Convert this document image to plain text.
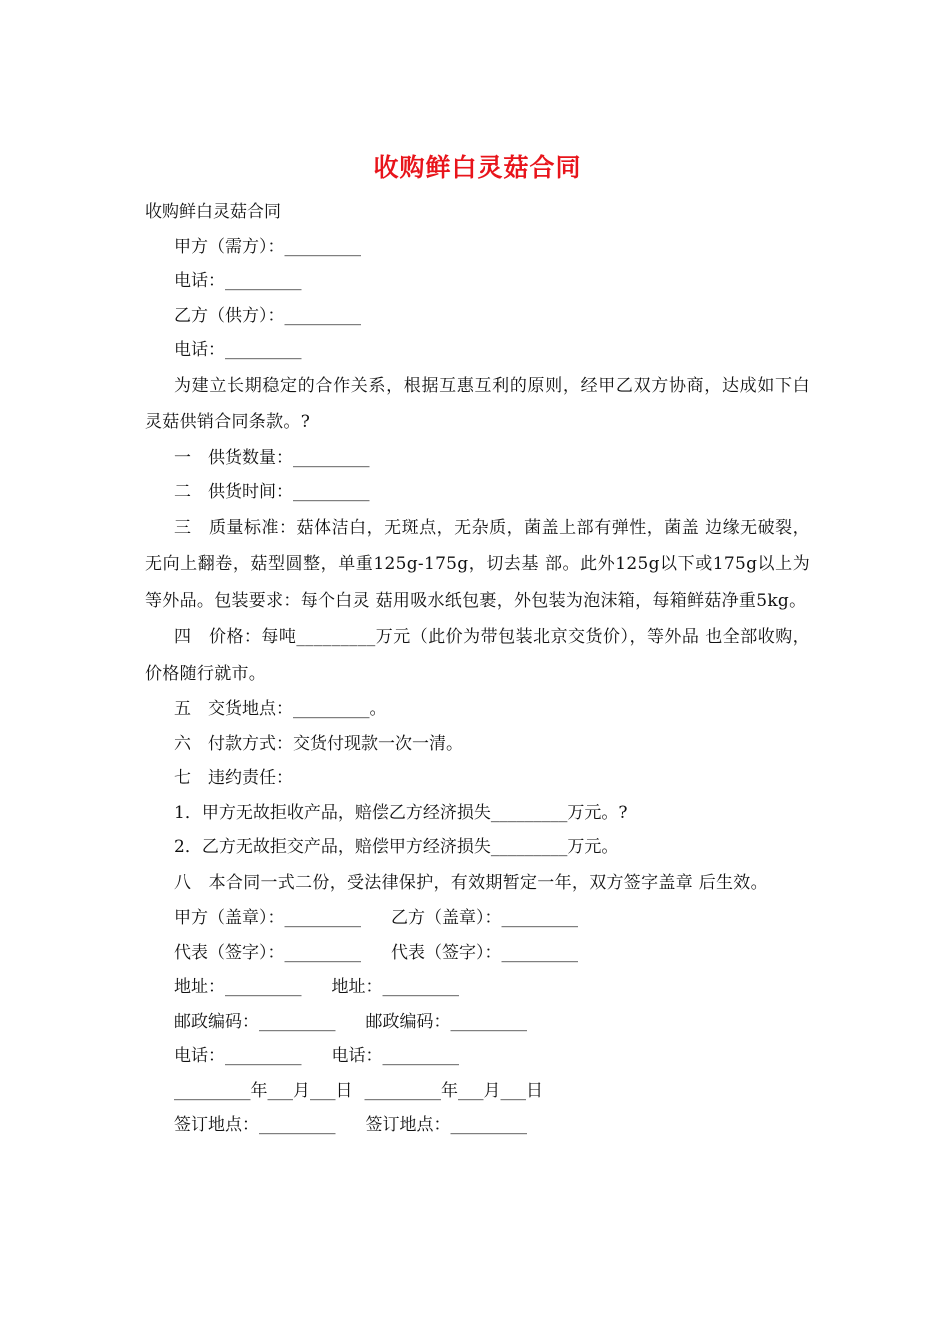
收购鲜白灵菇合同
收购鲜白灵菇合同
甲方（需方）：_________
电话：_________
乙方（供方）：_________
电话：_________

为建立长期稳定的合作关系，根据互惠互利的原则，经甲乙双方协商，达成如下白灵菇供销合同条款。?

一　供货数量：_________
二　供货时间：_________

三　质量标准：菇体洁白，无斑点，无杂质，菌盖上部有弹性，菌盖 边缘无破裂，无向上翻卷，菇型圆整，单重125g-175g，切去基 部。此外125g以下或175g以上为等外品。包装要求：每个白灵 菇用吸水纸包裹，外包装为泡沫箱，每箱鲜菇净重5kg。

四　价格：每吨_________万元（此价为带包装北京交货价），等外品 也全部收购，价格随行就市。

五　交货地点：_________。
六　付款方式：交货付现款一次一清。
七　违约责任：
1．甲方无故拒收产品，赔偿乙方经济损失_________万元。?
2．乙方无故拒交产品，赔偿甲方经济损失_________万元。

八　本合同一式二份，受法律保护，有效期暂定一年，双方签字盖章 后生效。

甲方（盖章）：_________ 乙方（盖章）：_________
代表（签字）：_________ 代表（签字）：_________
地址：_________ 地址：_________
邮政编码：_________ 邮政编码：_________
电话：_________ 电话：_________
_________年___月___日 _________年___月___日
签订地点：_________ 签订地点：_________
